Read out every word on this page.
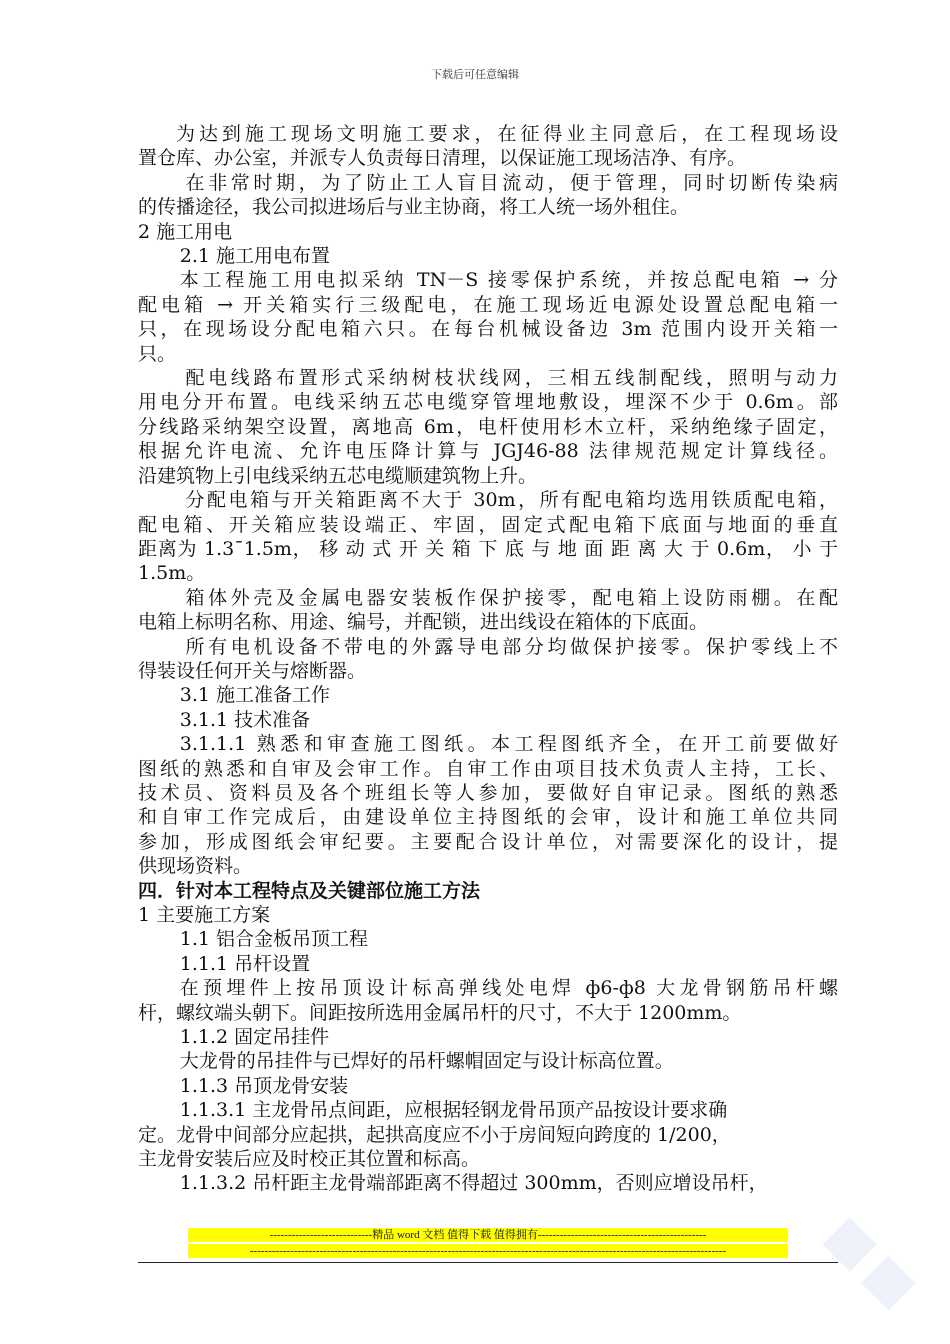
下载后可任意编辑
为达到施工现场文明施工要求，在征得业主同意后，在工程现场设
置仓库、办公室，并派专人负责每日清理，以保证施工现场洁净、有序。
在非常时期，为了防止工人盲目流动，便于管理，同时切断传染病
的传播途径，我公司拟进场后与业主协商，将工人统一场外租住。
2 施工用电
2.1 施工用电布置
本工程施工用电拟采纳 TN－S 接零保护系统，并按总配电箱 → 分
配电箱 → 开关箱实行三级配电，在施工现场近电源处设置总配电箱一
只，在现场设分配电箱六只。在每台机械设备边 3m 范围内设开关箱一
只。
配电线路布置形式采纳树枝状线网，三相五线制配线，照明与动力
用电分开布置。电线采纳五芯电缆穿管埋地敷设，埋深不少于 0.6m。部
分线路采纳架空设置，离地高 6m，电杆使用杉木立杆，采纳绝缘子固定，
根据允许电流、允许电压降计算与 JGJ46-88 法律规范规定计算线径。
沿建筑物上引电线采纳五芯电缆顺建筑物上升。
分配电箱与开关箱距离不大于 30m，所有配电箱均选用铁质配电箱，
配电箱、开关箱应装设端正、牢固，固定式配电箱下底面与地面的垂直
距离为 1.3¯1.5m， 移 动 式 开 关 箱 下 底 与 地 面 距 离 大 于 0.6m， 小 于
1.5m。
箱体外壳及金属电器安装板作保护接零，配电箱上设防雨棚。在配
电箱上标明名称、用途、编号，并配锁，进出线设在箱体的下底面。
所有电机设备不带电的外露导电部分均做保护接零。保护零线上不
得装设任何开关与熔断器。
3.1 施工准备工作
3.1.1 技术准备
3.1.1.1 熟悉和审查施工图纸。本工程图纸齐全，在开工前要做好
图纸的熟悉和自审及会审工作。自审工作由项目技术负责人主持，工长、
技术员、资料员及各个班组长等人参加，要做好自审记录。图纸的熟悉
和自审工作完成后，由建设单位主持图纸的会审，设计和施工单位共同
参加，形成图纸会审纪要。主要配合设计单位，对需要深化的设计，提
供现场资料。
四．针对本工程特点及关键部位施工方法
1 主要施工方案
1.1 铝合金板吊顶工程
1.1.1 吊杆设置
在预埋件上按吊顶设计标高弹线处电焊 ф6-ф8 大龙骨钢筋吊杆螺
杆，螺纹端头朝下。间距按所选用金属吊杆的尺寸，不大于 1200mm。
1.1.2 固定吊挂件
大龙骨的吊挂件与已焊好的吊杆螺帽固定与设计标高位置。
1.1.3 吊顶龙骨安装
1.1.3.1 主龙骨吊点间距，应根据轻钢龙骨吊顶产品按设计要求确
定。龙骨中间部分应起拱，起拱高度应不小于房间短向跨度的 1/200，
主龙骨安装后应及时校正其位置和标高。
1.1.3.2 吊杆距主龙骨端部距离不得超过 300mm，否则应增设吊杆，
----------------------------精品 word 文档 值得下载 值得拥有----------------------------------------------
----------------------------------------------------------------------------------------------------------------------------------
